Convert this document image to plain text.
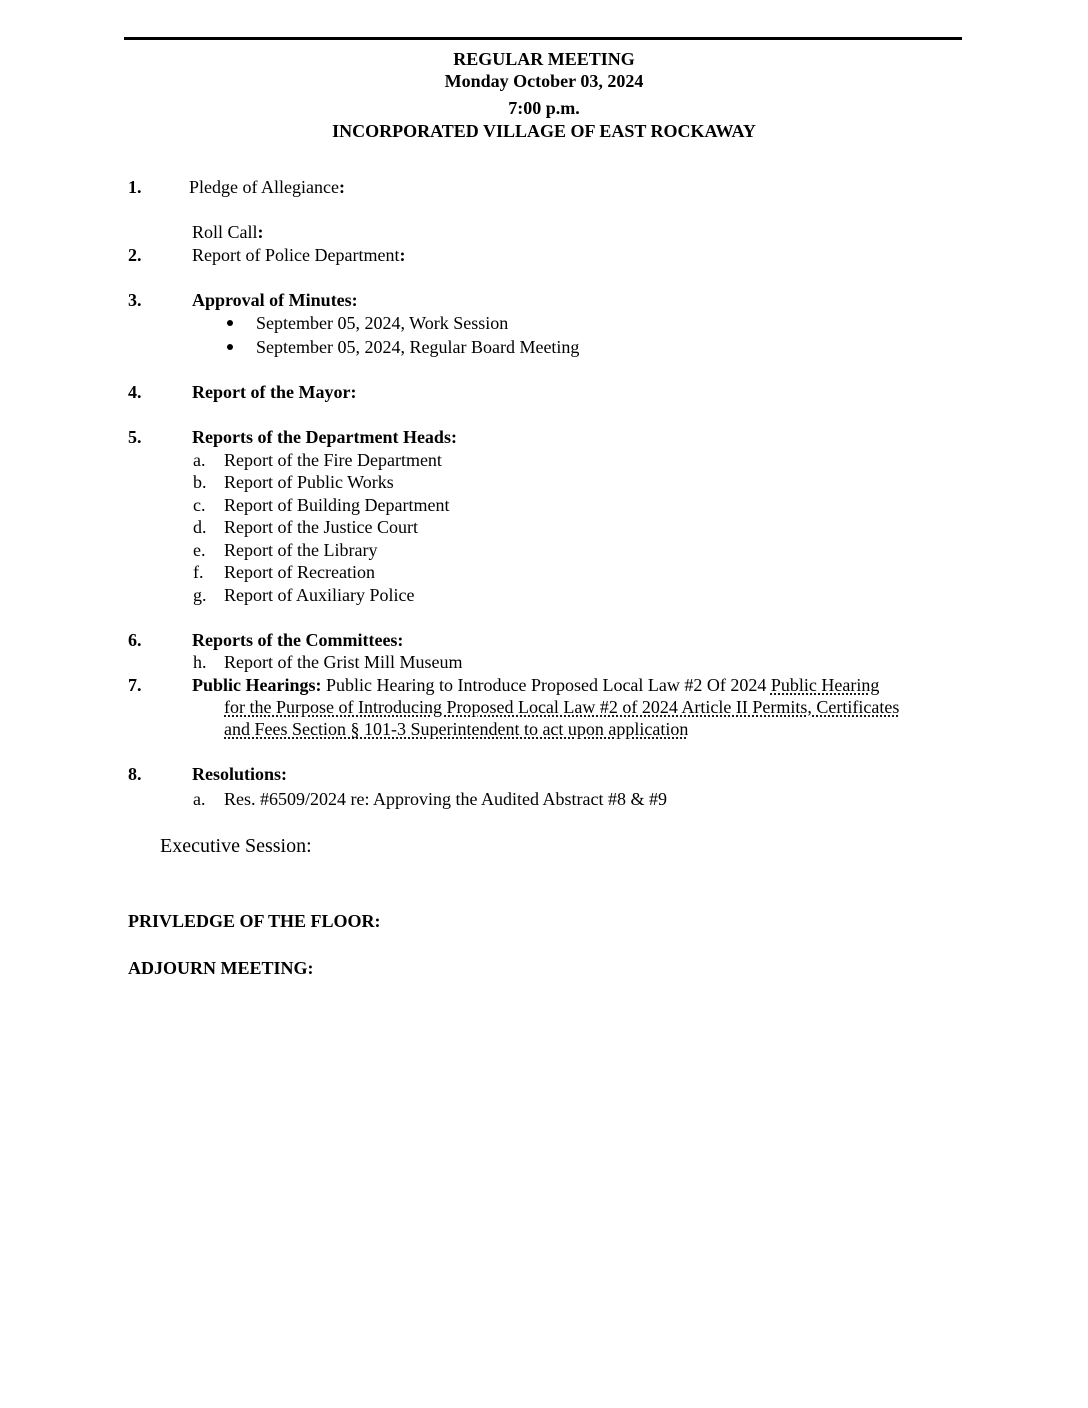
REGULAR MEETING
Monday October 03, 2024
7:00 p.m.
INCORPORATED VILLAGE OF EAST ROCKAWAY
1.	Pledge of Allegiance:
Roll Call:
2.	Report of Police Department:
3.	Approval of Minutes:
September 05, 2024, Work Session
September 05, 2024, Regular Board Meeting
4.	Report of the Mayor:
5.	Reports of the Department Heads:
a. Report of the Fire Department
b. Report of Public Works
c. Report of Building Department
d. Report of the Justice Court
e. Report of the Library
f. Report of Recreation
g. Report of Auxiliary Police
6.	Reports of the Committees:
h. Report of the Grist Mill Museum
7.	Public Hearings: Public Hearing to Introduce Proposed Local Law #2 Of 2024 Public Hearing
for the Purpose of Introducing Proposed Local Law #2 of 2024 Article II Permits, Certificates
and Fees Section § 101-3 Superintendent to act upon application
8.	Resolutions:
a. Res. #6509/2024 re: Approving the Audited Abstract #8 & #9
Executive Session:
PRIVLEDGE OF THE FLOOR:
ADJOURN MEETING:
